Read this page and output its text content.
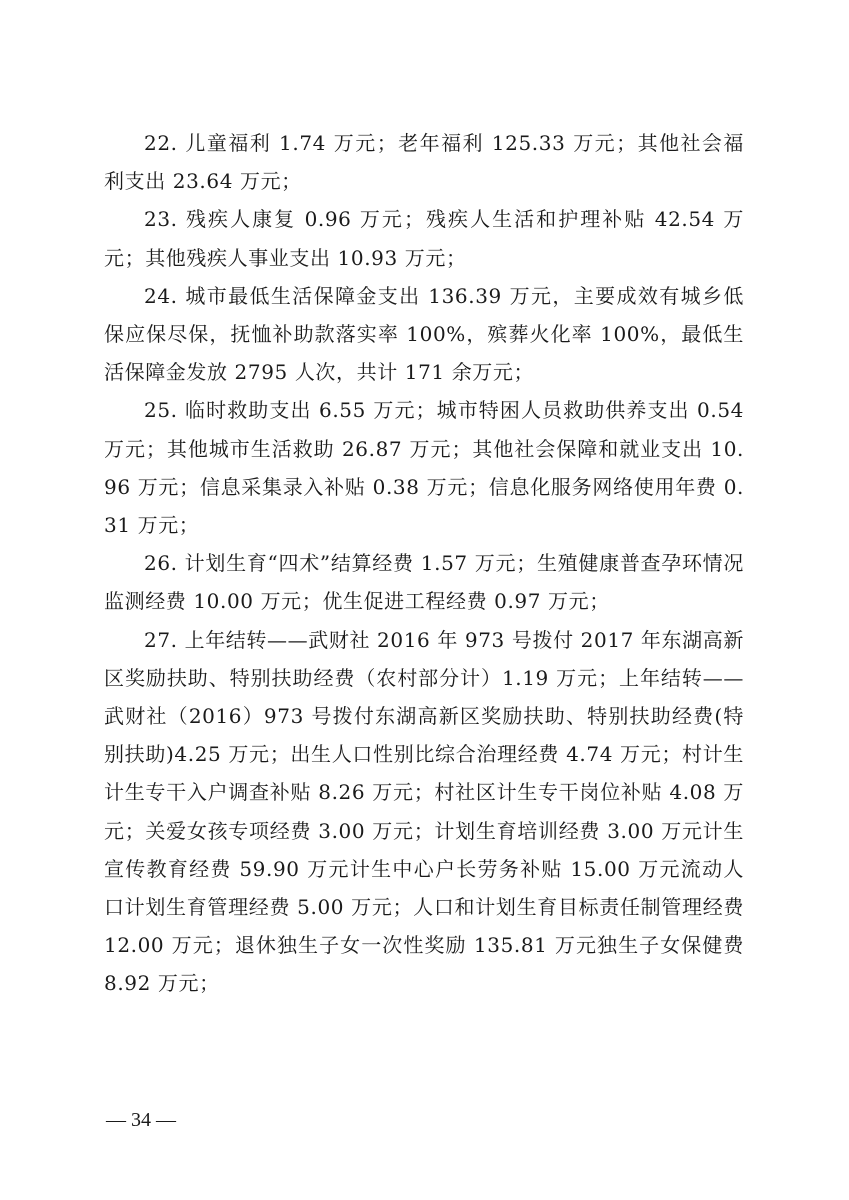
22. 儿童福利 1.74 万元；老年福利 125.33 万元；其他社会福利支出 23.64 万元；

23. 残疾人康复 0.96 万元；残疾人生活和护理补贴 42.54 万元；其他残疾人事业支出 10.93 万元；

24. 城市最低生活保障金支出 136.39 万元，主要成效有城乡低保应保尽保，抚恤补助款落实率 100%，殡葬火化率 100%，最低生活保障金发放 2795 人次，共计 171 余万元；

25. 临时救助支出 6.55 万元；城市特困人员救助供养支出 0.54 万元；其他城市生活救助 26.87 万元；其他社会保障和就业支出 10.96 万元；信息采集录入补贴 0.38 万元；信息化服务网络使用年费 0.31 万元；

26. 计划生育“四术”结算经费 1.57 万元；生殖健康普查孕环情况监测经费 10.00 万元；优生促进工程经费 0.97 万元；

27. 上年结转——武财社 2016 年 973 号拨付 2017 年东湖高新区奖励扶助、特别扶助经费（农村部分计）1.19 万元；上年结转——武财社（2016）973 号拨付东湖高新区奖励扶助、特别扶助经费(特别扶助)4.25 万元；出生人口性别比综合治理经费 4.74 万元；村计生计生专干入户调查补贴 8.26 万元；村社区计生专干岗位补贴 4.08 万元；关爱女孩专项经费 3.00 万元；计划生育培训经费 3.00 万元计生宣传教育经费 59.90 万元计生中心户长劳务补贴 15.00 万元流动人口计划生育管理经费 5.00 万元；人口和计划生育目标责任制管理经费 12.00 万元；退休独生子女一次性奖励 135.81 万元独生子女保健费 8.92 万元；

— 34 —
